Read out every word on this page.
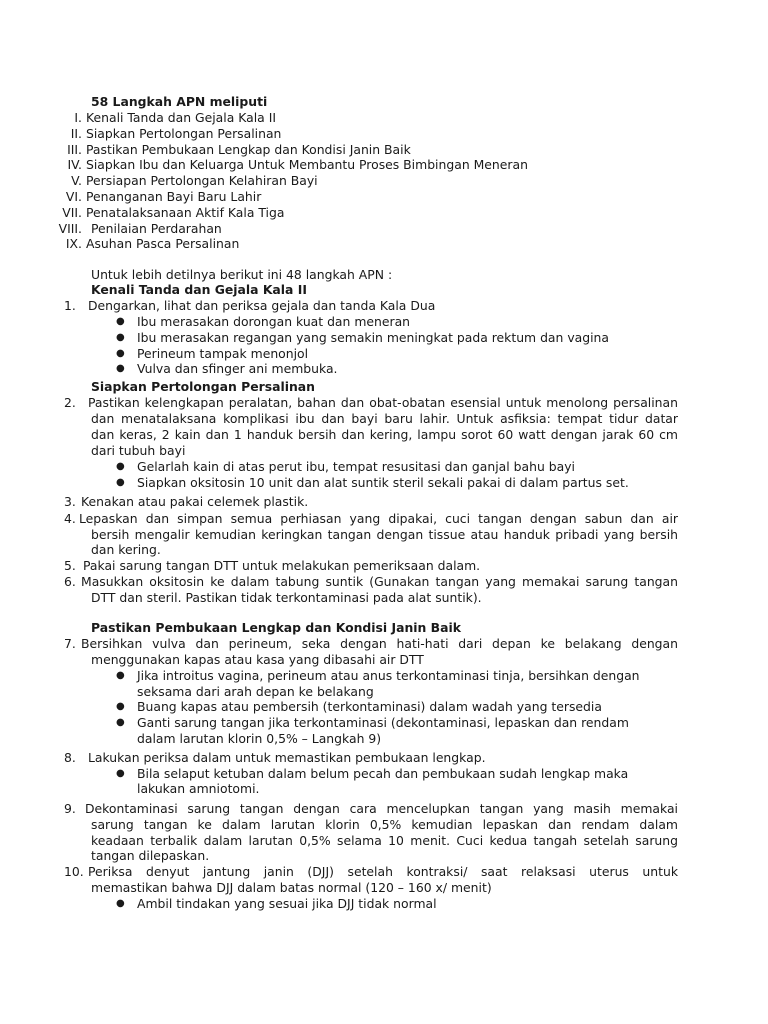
58 Langkah APN meliputi
I. Kenali Tanda dan Gejala Kala II
II. Siapkan Pertolongan Persalinan
III. Pastikan Pembukaan Lengkap dan Kondisi Janin Baik
IV. Siapkan Ibu dan Keluarga Untuk Membantu Proses Bimbingan Meneran
V. Persiapan Pertolongan Kelahiran Bayi
VI. Penanganan Bayi Baru Lahir
VII. Penatalaksanaan Aktif Kala Tiga
VIII. Penilaian Perdarahan
IX. Asuhan Pasca Persalinan
Untuk lebih detilnya berikut ini 48 langkah APN :
Kenali Tanda dan Gejala Kala II
1. Dengarkan, lihat dan periksa gejala dan tanda Kala Dua
● Ibu merasakan dorongan kuat dan meneran
● Ibu merasakan regangan yang semakin meningkat pada rektum dan vagina
● Perineum tampak menonjol
● Vulva dan sfinger ani membuka.
Siapkan Pertolongan Persalinan
2. Pastikan kelengkapan peralatan, bahan dan obat-obatan esensial untuk menolong persalinan
dan menatalaksana komplikasi ibu dan bayi baru lahir. Untuk asfiksia: tempat tidur datar
dan keras, 2 kain dan 1 handuk bersih dan kering, lampu sorot 60 watt dengan jarak 60 cm
dari tubuh bayi
● Gelarlah kain di atas perut ibu, tempat resusitasi dan ganjal bahu bayi
● Siapkan oksitosin 10 unit dan alat suntik steril sekali pakai di dalam partus set.
3. Kenakan atau pakai celemek plastik.
4. Lepaskan dan simpan semua perhiasan yang dipakai, cuci tangan dengan sabun dan air
bersih mengalir kemudian keringkan tangan dengan tissue atau handuk pribadi yang bersih
dan kering.
5. Pakai sarung tangan DTT untuk melakukan pemeriksaan dalam.
6. Masukkan oksitosin ke dalam tabung suntik (Gunakan tangan yang memakai sarung tangan
DTT dan steril. Pastikan tidak terkontaminasi pada alat suntik).
Pastikan Pembukaan Lengkap dan Kondisi Janin Baik
7. Bersihkan vulva dan perineum, seka dengan hati-hati dari depan ke belakang dengan
menggunakan kapas atau kasa yang dibasahi air DTT
● Jika introitus vagina, perineum atau anus terkontaminasi tinja, bersihkan dengan
seksama dari arah depan ke belakang
● Buang kapas atau pembersih (terkontaminasi) dalam wadah yang tersedia
● Ganti sarung tangan jika terkontaminasi (dekontaminasi, lepaskan dan rendam
dalam larutan klorin 0,5% – Langkah 9)
8. Lakukan periksa dalam untuk memastikan pembukaan lengkap.
● Bila selaput ketuban dalam belum pecah dan pembukaan sudah lengkap maka
lakukan amniotomi.
9. Dekontaminasi sarung tangan dengan cara mencelupkan tangan yang masih memakai
sarung tangan ke dalam larutan klorin 0,5% kemudian lepaskan dan rendam dalam
keadaan terbalik dalam larutan 0,5% selama 10 menit. Cuci kedua tangah setelah sarung
tangan dilepaskan.
10. Periksa denyut jantung janin (DJJ) setelah kontraksi/ saat relaksasi uterus untuk
memastikan bahwa DJJ dalam batas normal (120 – 160 x/ menit)
● Ambil tindakan yang sesuai jika DJJ tidak normal
